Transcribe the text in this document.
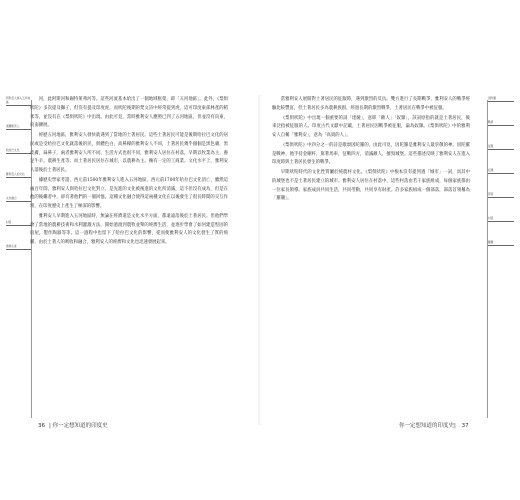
阿利安人進入五河地區
達羅毗荼人
哈拉巴文化
雅利安人的文化
文化融合
村落
農業生產

河，此阿斯河和錫特萊弗河等。這些河流基本給出了一個地域框架，即「五河地區」。此外，《梨俱吠陀》多次提及獅子，但沒有提及印度虎，而吠陀後期的梵文詩中經常提到虎，這可印度東部林產的稻米等，並沒有在《梨俱吠陀》中出現。由此可見，當時雅利安人應照已到了五河地區，但並沒有向東，向南擴展。

經歷五河地區，雅利安人發快就遇到了當地的土著居民。這些土著居民可能是後期哈拉巴文化的居民或是受哈拉巴文化就落後的民，與體色白，高鼻樑的雅利安人不同，土著居民幾乎個個是黑色膚，黑皮膚，扁鼻子，兩者雅利安人所不同。生活方式也很不同，雅利安人居住在村落，早期以牧業為主，養足牛羊。農耕生產等；而土著居民居住在城市，以農耕為主。擁有一定的工商業。文化水平上，雅利安人落後於土著居民。

據歷史學家考證，西元前1500年雅利安人進入五河地區，西元前1700年哈拉巴文化消亡，雖然這兩百年間，雅利安人與哈拉巴文化對立，是先進的文化被後進的文化所消滅，這不但沒有成為，但是在他的後繼者中，卻有著他們的一個回憶。這種文化融合使得這兩種文化在以後發生了很長時間的交互作用，在印度歷史上產生了極深的影響。

雅利安人早期進入五河地區時，無論在經濟還是文化水平方面，都遠遠落後於土著居民。但他們學會了當地的農耕技術和水利灌溉方法，開始過渡到農牧並舉的經濟生活，並逐步學會了如何建造堅固的房屋，製作陶器等等。這一過程中也留下了哈拉巴文化的影響，從而使雅利安人的文化發生了質的飛躍，由於土著人的吸收和融合，雅利安人的經濟和文化也迅速發展起來。

當雅利安人展開對土著居民的征服時，遇到激烈的反抗。雙方進行了長期戰爭，雅利安人的戰爭經驗比較豐富，但土著居民多為農耕族群，經過長期的激烈戰爭，土著居民在戰爭中被征服。

《梨俱吠陀》中出現一個重要的詞「達薩」，意即「敵人」「奴隸」，該詞原指的就是土著居民，後來泛指被征服的人。印度古代文獻中記載，土著居民因戰爭被征服，淪為奴隸。《梨俱吠陀》中的雅利安人自稱「雅利安」，意為「高貴的人」。

《梨俱吠陀》中四分之一的詩是歌頌因陀羅的，由此可見，因陀羅是雅利安人最崇敬的神。因陀羅是戰神，他手持金剛杵，駕著馬車，征戰四方，消滅敵人，摧毀城堡。這些描述反映了雅利安人在進入印度時與土著居民發生的戰爭。

早期吠陀時代的文化性質屬於純農村文化。《梨俱吠陀》中根本沒有提到過「城市」一詞，而其中的城堡也不是土著居民建立的城市。雅利安人居住在村落中，這些村落由若干家族組成，每個家族都由一位家長領導。家族成員共同生活，共同勞動，共同享有財產。許多家族組成一個部落，部落首領稱為「羅闍」。

因陀羅
戰爭
征服
奴隸
部落
村落
羅闍
36 | 你一定想知道的印度史	你一定想知道的印度史| 37
